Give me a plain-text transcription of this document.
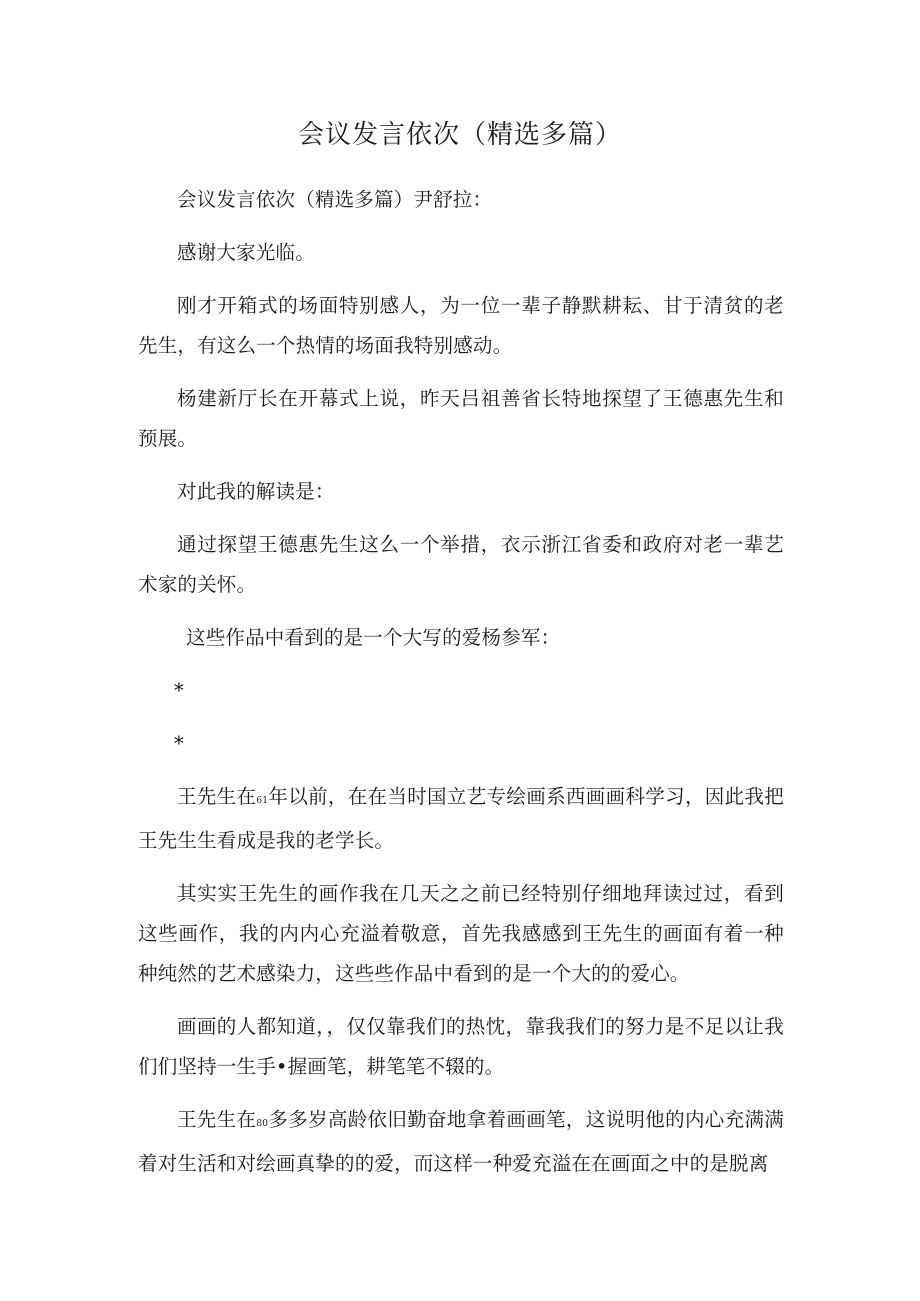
会议发言依次（精选多篇）

会议发言依次（精选多篇）尹舒拉：

感谢大家光临。

刚才开箱式的场面特别感人，为一位一辈子静默耕耘、甘于清贫的老先生，有这么一个热情的场面我特别感动。

杨建新厅长在开幕式上说，昨天吕祖善省长特地探望了王德惠先生和预展。

对此我的解读是：

通过探望王德惠先生这么一个举措，衣示浙江省委和政府对老一辈艺术家的关怀。

这些作品中看到的是一个大写的爱杨参军：

*
*

王先生在61年以前，在在当时国立艺专绘画系西画画科学习，因此我把王先生生看成是我的老学长。

其实实王先生的画作我在几天之之前已经特别仔细地拜读过过，看到这些画作，我的内内心充溢着敬意，首先我感感到王先生的画面有着一种种纯然的艺术感染力，这些些作品中看到的是一个大的的爱心。

画画的人都知道，，仅仅靠我们的热忱，靠我我们的努力是不足以让我们们坚持一生手•握画笔，耕笔笔不辍的。

王先生在80多多岁高龄依旧勤奋地拿着画画笔，这说明他的内心充满满着对生活和对绘画真挚的的爱，而这样一种爱充溢在在画面之中的是脱离
